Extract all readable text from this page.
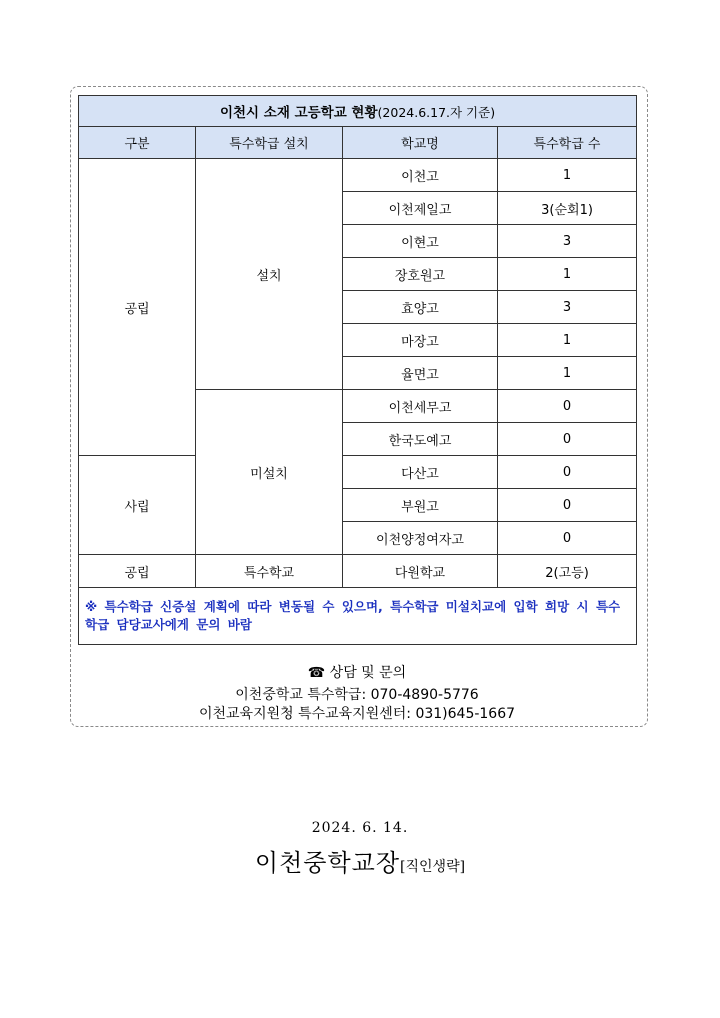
이천시 소재 고등학교 현황(2024.6.17.자 기준)			
구분	특수학급 설치	학교명	특수학급 수
공립	설치	이천고	1
		이천제일고	3(순회1)
		이현고	3
		장호원고	1
		효양고	3
		마장고	1
		율면고	1
	미설치	이천세무고	0
		한국도예고	0
사립		다산고	0
		부원고	0
		이천양정여자고	0
공립	특수학교	다원학교	2(고등)
※ 특수학급 신증설 계획에 따라 변동될 수 있으며, 특수학급 미설치교에 입학 희망 시 특수학급 담당교사에게 문의 바람			
☎ 상담 및 문의
이천중학교 특수학급: 070-4890-5776
이천교육지원청 특수교육지원센터: 031)645-1667
2024. 6. 14.
이천중학교장[직인생략]
